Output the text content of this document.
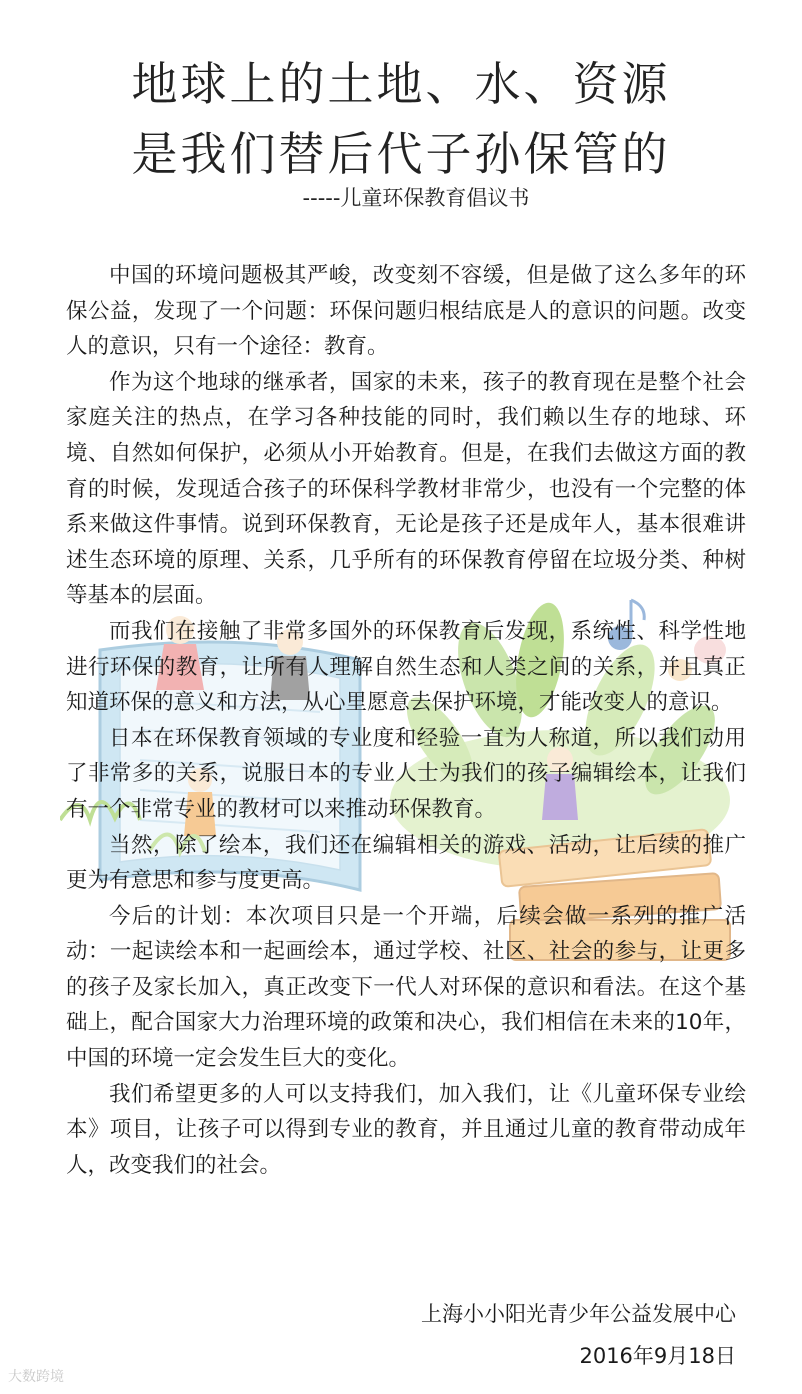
地球上的土地、水、资源
是我们替后代子孙保管的
-----儿童环保教育倡议书

中国的环境问题极其严峻，改变刻不容缓，但是做了这么多年的环保公益，发现了一个问题：环保问题归根结底是人的意识的问题。改变人的意识，只有一个途径：教育。

作为这个地球的继承者，国家的未来，孩子的教育现在是整个社会家庭关注的热点，在学习各种技能的同时，我们赖以生存的地球、环境、自然如何保护，必须从小开始教育。但是，在我们去做这方面的教育的时候，发现适合孩子的环保科学教材非常少，也没有一个完整的体系来做这件事情。说到环保教育，无论是孩子还是成年人，基本很难讲述生态环境的原理、关系，几乎所有的环保教育停留在垃圾分类、种树等基本的层面。

而我们在接触了非常多国外的环保教育后发现，系统性、科学性地进行环保的教育，让所有人理解自然生态和人类之间的关系，并且真正知道环保的意义和方法，从心里愿意去保护环境，才能改变人的意识。

日本在环保教育领域的专业度和经验一直为人称道，所以我们动用了非常多的关系，说服日本的专业人士为我们的孩子编辑绘本，让我们有一个非常专业的教材可以来推动环保教育。

当然，除了绘本，我们还在编辑相关的游戏、活动，让后续的推广更为有意思和参与度更高。

今后的计划：本次项目只是一个开端，后续会做一系列的推广活动：一起读绘本和一起画绘本，通过学校、社区、社会的参与，让更多的孩子及家长加入，真正改变下一代人对环保的意识和看法。在这个基础上，配合国家大力治理环境的政策和决心，我们相信在未来的10年，中国的环境一定会发生巨大的变化。

我们希望更多的人可以支持我们，加入我们，让《儿童环保专业绘本》项目，让孩子可以得到专业的教育，并且通过儿童的教育带动成年人，改变我们的社会。

上海小小阳光青少年公益发展中心
2016年9月18日
大数跨境
